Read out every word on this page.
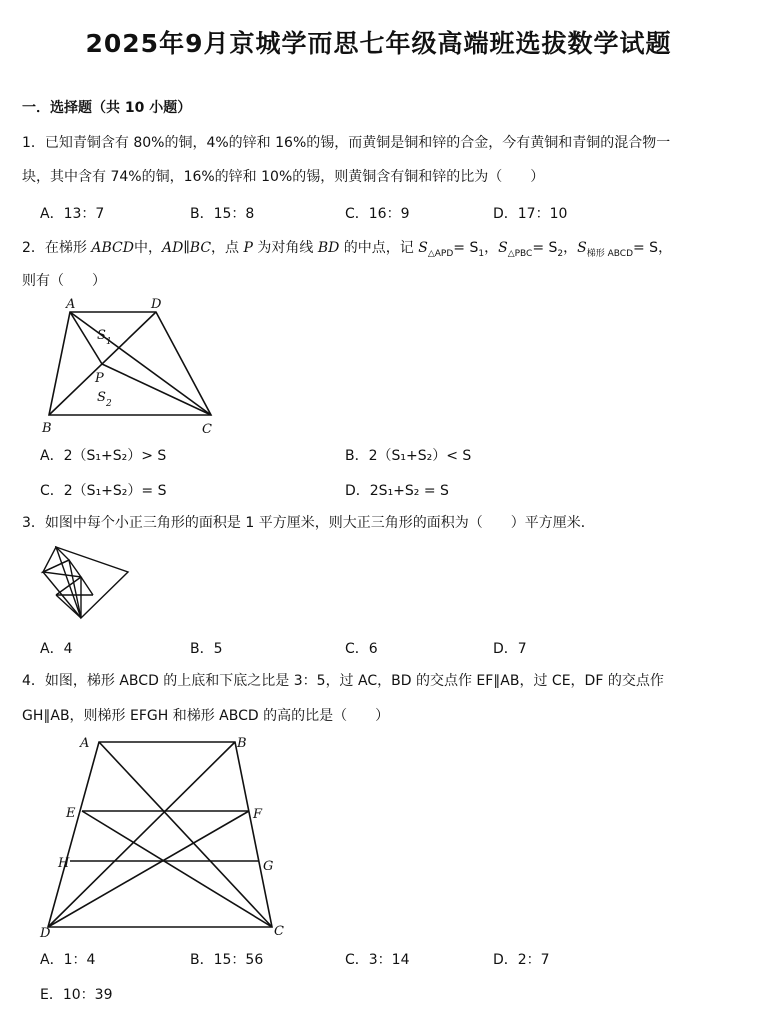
2025年9月京城学而思七年级高端班选拔数学试题
一．选择题（共 10 小题）
1．已知青铜含有 80%的铜，4%的锌和 16%的锡，而黄铜是铜和锌的合金，今有黄铜和青铜的混合物一
块，其中含有 74%的铜，16%的锌和 10%的锡，则黄铜含有铜和锌的比为（　　）
A．13：7	B．15：8	C．16：9	D．17：10
2．在梯形 ABCD中，AD∥BC，点 P 为对角线 BD 的中点，记 $S_{\triangle APD}= S_1$，$S_{\triangle PBC}= S_2$，$S_{梯形 ABCD}= S$，
则有（　　）
A	D
B	C
P
S 1
S 2
A．2（S₁+S₂）> S	B．2（S₁+S₂）< S
C．2（S₁+S₂）= S	D．2S₁+S₂ = S
3．如图中每个小正三角形的面积是 1 平方厘米，则大正三角形的面积为（　　）平方厘米．
A．4	B．5	C．6	D．7
4．如图，梯形 ABCD 的上底和下底之比是 3：5，过 AC，BD 的交点作 EF∥AB，过 CE，DF 的交点作
GH∥AB，则梯形 EFGH 和梯形 ABCD 的高的比是（　　）
A	B
E	F
H	G
D	C
A．1：4	B．15：56	C．3：14	D．2：7
E．10：39
